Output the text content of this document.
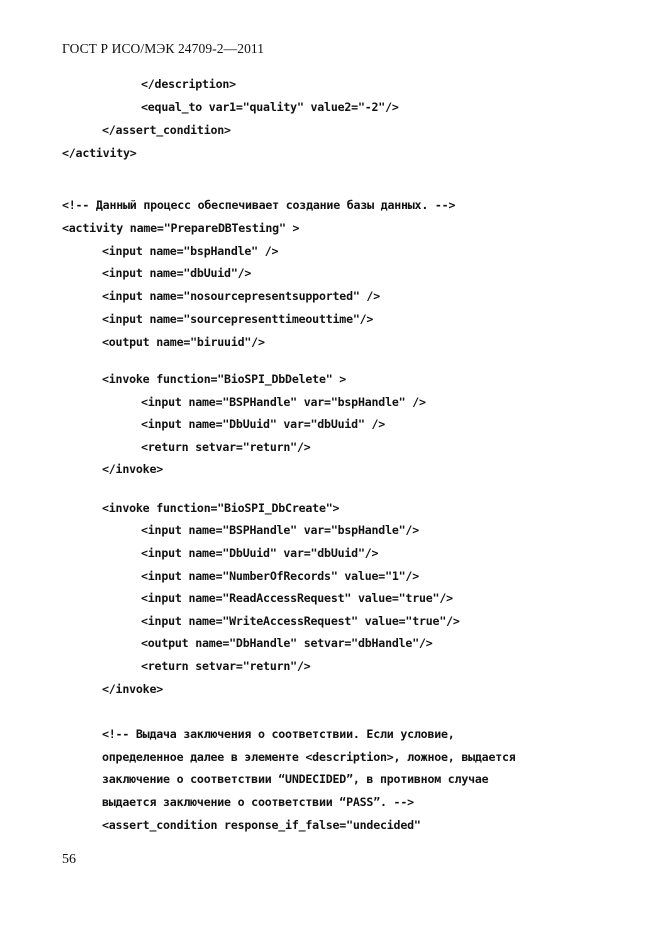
ГОСТ Р ИСО/МЭК 24709-2—2011
</description>
<equal_to var1="quality" value2="-2"/>
</assert_condition>
</activity>
<!-- Данный процесс обеспечивает создание базы данных. -->
<activity name="PrepareDBTesting" >
<input name="bspHandle" />
<input name="dbUuid"/>
<input name="nosourcepresentsupported" />
<input name="sourcepresenttimeouttime"/>
<output name="biruuid"/>
<invoke function="BioSPI_DbDelete" >
<input name="BSPHandle" var="bspHandle" />
<input name="DbUuid" var="dbUuid" />
<return setvar="return"/>
</invoke>
<invoke function="BioSPI_DbCreate">
<input name="BSPHandle" var="bspHandle"/>
<input name="DbUuid" var="dbUuid"/>
<input name="NumberOfRecords" value="1"/>
<input name="ReadAccessRequest" value="true"/>
<input name="WriteAccessRequest" value="true"/>
<output name="DbHandle" setvar="dbHandle"/>
<return setvar="return"/>
</invoke>
<!-- Выдача заключения о соответствии. Если условие,
определенное далее в элементе <description>, ложное, выдается
заключение о соответствии “UNDECIDED”, в противном случае
выдается заключение о соответствии “PASS”. -->
<assert_condition response_if_false="undecided"
56
